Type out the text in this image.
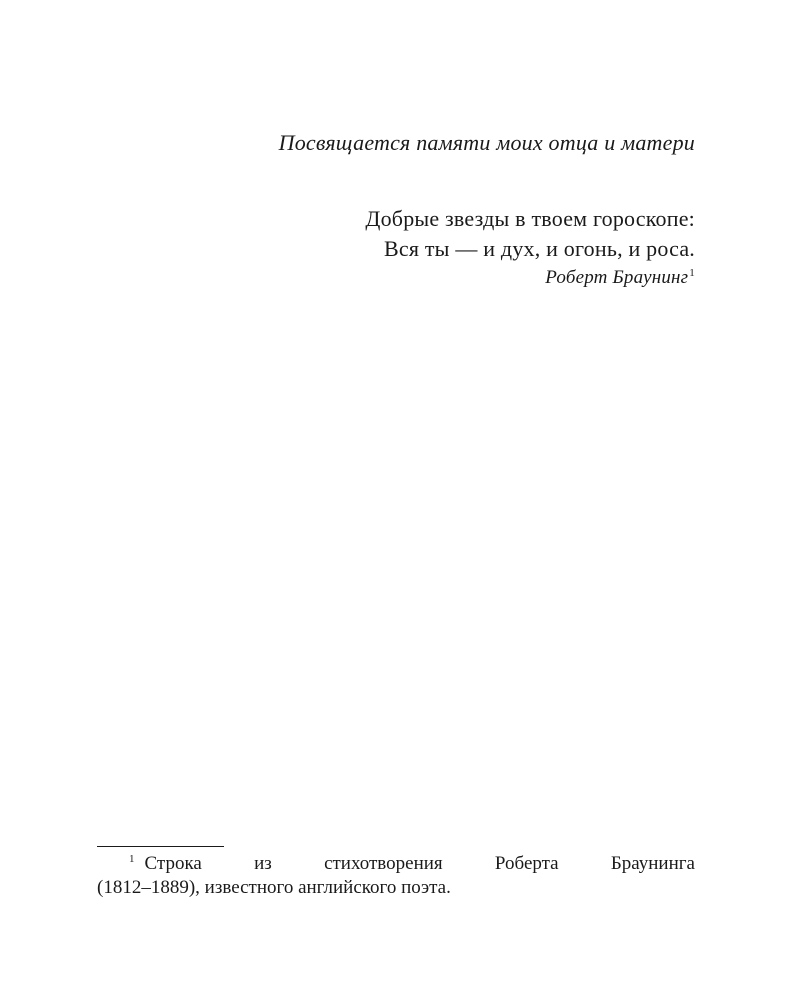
Посвящается памяти моих отца и матери
Добрые звезды в твоем гороскопе:
Вся ты — и дух, и огонь, и роса.
Роберт Браунинг$^1$
$^1$ Строка из стихотворения Роберта Браунинга
(1812–1889), известного английского поэта.
